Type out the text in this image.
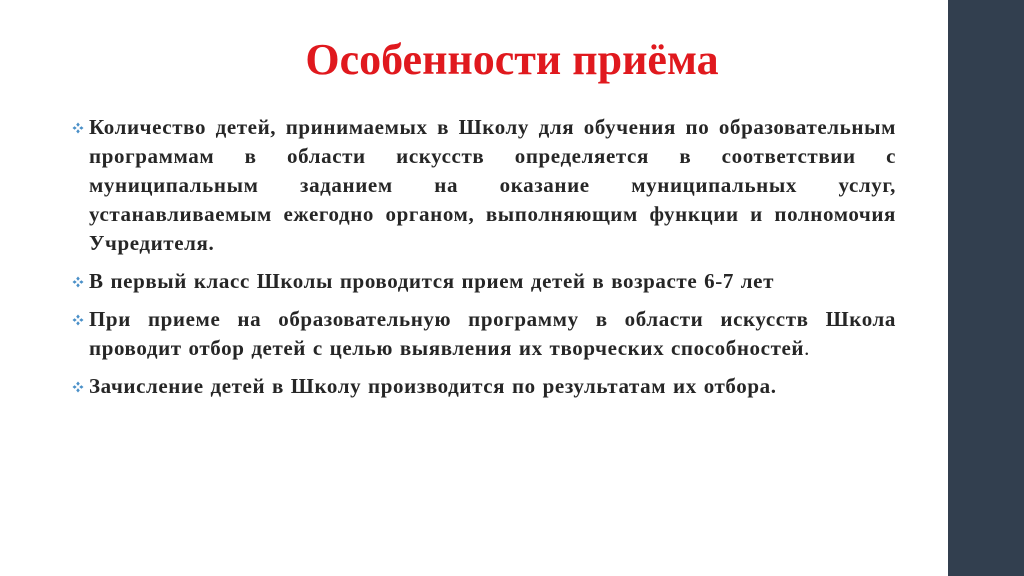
Особенности приёма
Количество детей, принимаемых в Школу для обучения по образовательным программам в области искусств определяется в соответствии с муниципальным заданием на оказание муниципальных услуг, устанавливаемым ежегодно органом, выполняющим функции и полномочия Учредителя.
В первый класс Школы проводится прием детей в возрасте 6-7 лет
При приеме на образовательную программу в области искусств Школа проводит отбор детей с целью выявления их творческих способностей.
Зачисление детей в Школу производится по результатам их отбора.
